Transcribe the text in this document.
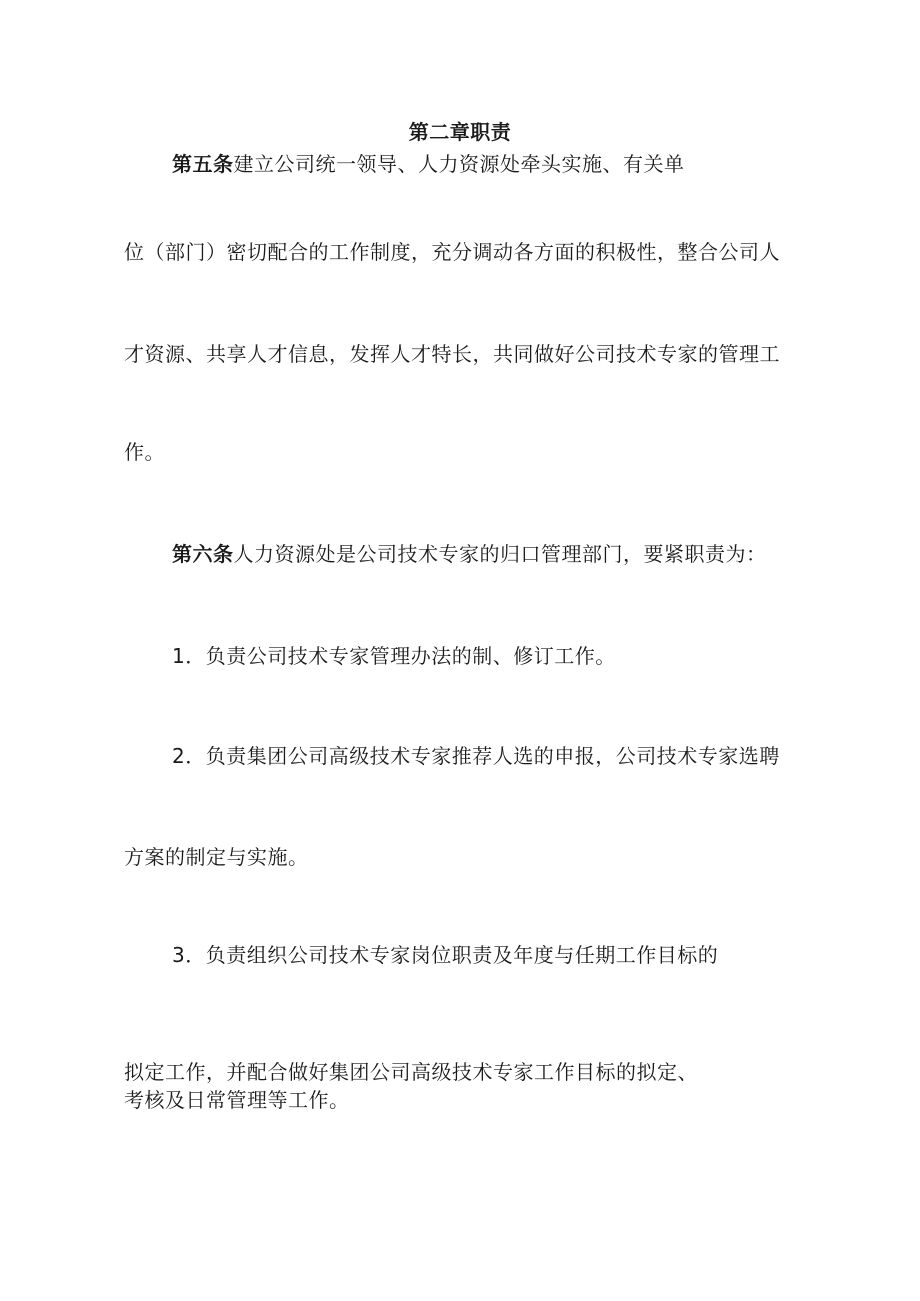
第二章职责
第五条建立公司统一领导、人力资源处牵头实施、有关单
位（部门）密切配合的工作制度，充分调动各方面的积极性，整合公司人
才资源、共享人才信息，发挥人才特长，共同做好公司技术专家的管理工
作。
第六条人力资源处是公司技术专家的归口管理部门，要紧职责为：
1．负责公司技术专家管理办法的制、修订工作。
2．负责集团公司高级技术专家推荐人选的申报，公司技术专家选聘
方案的制定与实施。
3．负责组织公司技术专家岗位职责及年度与任期工作目标的
拟定工作，并配合做好集团公司高级技术专家工作目标的拟定、
考核及日常管理等工作。
